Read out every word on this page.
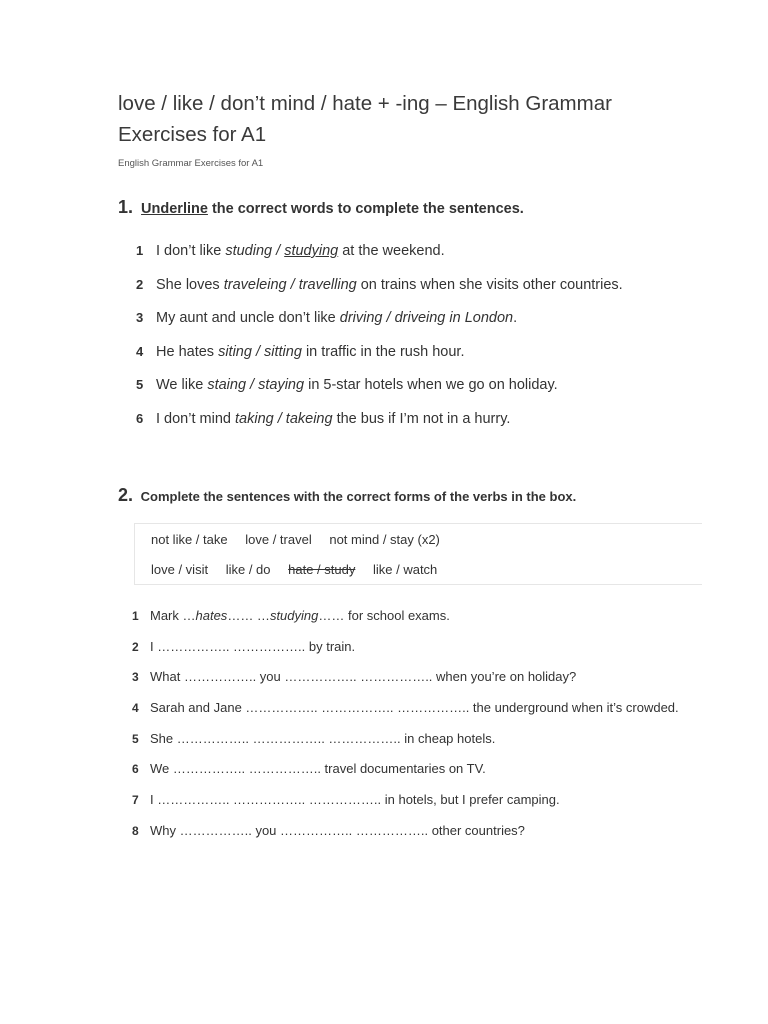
love / like / don’t mind / hate + -ing – English Grammar Exercises for A1
English Grammar Exercises for A1
1. Underline the correct words to complete the sentences.
1 I don’t like studing / studying at the weekend.
2 She loves traveleing / travelling on trains when she visits other countries.
3 My aunt and uncle don’t like driving / driveing in London.
4 He hates siting / sitting in traffic in the rush hour.
5 We like staing / staying in 5-star hotels when we go on holiday.
6 I don’t mind taking / takeing the bus if I’m not in a hurry.
2. Complete the sentences with the correct forms of the verbs in the box.
not like / take love / travel not mind / stay (x2)
love / visit like / do hate / study like / watch
1 Mark …hates…… …studying…… for school exams.
2 I …………….. …………….. by train.
3 What …………….. you …………….. …………….. when you’re on holiday?
4 Sarah and Jane …………….. …………….. …………….. the underground when it’s crowded.
5 She …………….. …………….. …………….. in cheap hotels.
6 We …………….. …………….. travel documentaries on TV.
7 I …………….. …………….. …………….. in hotels, but I prefer camping.
8 Why …………….. you …………….. …………….. other countries?
